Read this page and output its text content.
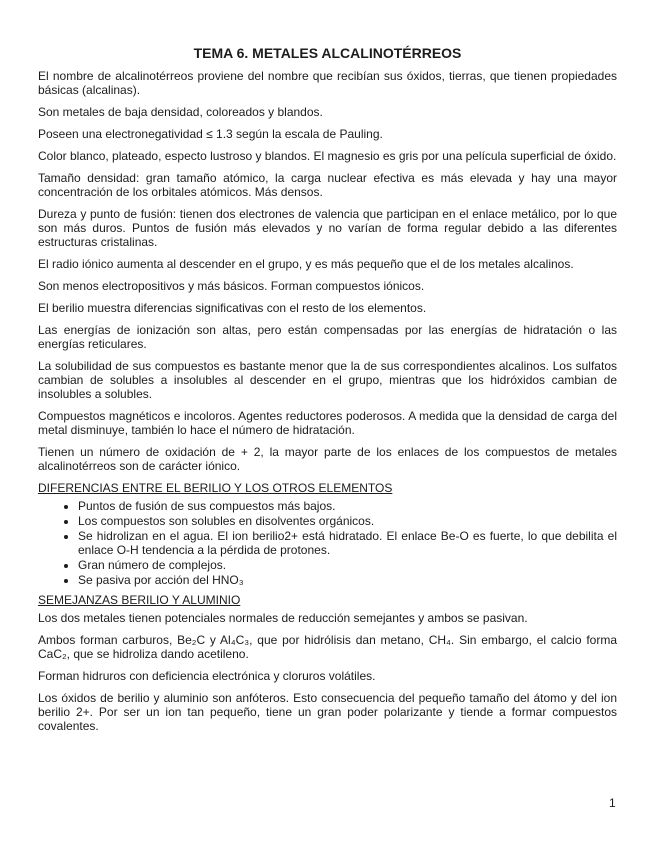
TEMA 6. METALES ALCALINOTÉRREOS

El nombre de alcalinotérreos proviene del nombre que recibían sus óxidos, tierras, que tienen propiedades básicas (alcalinas).

Son metales de baja densidad, coloreados y blandos.

Poseen una electronegatividad ≤ 1.3 según la escala de Pauling.

Color blanco, plateado, especto lustroso y blandos. El magnesio es gris por una película superficial de óxido.

Tamaño densidad: gran tamaño atómico, la carga nuclear efectiva es más elevada y hay una mayor concentración de los orbitales atómicos. Más densos.

Dureza y punto de fusión: tienen dos electrones de valencia que participan en el enlace metálico, por lo que son más duros. Puntos de fusión más elevados y no varían de forma regular debido a las diferentes estructuras cristalinas.

El radio iónico aumenta al descender en el grupo, y es más pequeño que el de los metales alcalinos.

Son menos electropositivos y más básicos. Forman compuestos iónicos.

El berilio muestra diferencias significativas con el resto de los elementos.

Las energías de ionización son altas, pero están compensadas por las energías de hidratación o las energías reticulares.

La solubilidad de sus compuestos es bastante menor que la de sus correspondientes alcalinos. Los sulfatos cambian de solubles a insolubles al descender en el grupo, mientras que los hidróxidos cambian de insolubles a solubles.

Compuestos magnéticos e incoloros. Agentes reductores poderosos. A medida que la densidad de carga del metal disminuye, también lo hace el número de hidratación.

Tienen un número de oxidación de + 2, la mayor parte de los enlaces de los compuestos de metales alcalinotérreos son de carácter iónico.

DIFERENCIAS ENTRE EL BERILIO Y LOS OTROS ELEMENTOS
• Puntos de fusión de sus compuestos más bajos.
• Los compuestos son solubles en disolventes orgánicos.
• Se hidrolizan en el agua. El ion berilio2+ está hidratado. El enlace Be-O es fuerte, lo que debilita el enlace O-H tendencia a la pérdida de protones.
• Gran número de complejos.
• Se pasiva por acción del HNO₃
SEMEJANZAS BERILIO Y ALUMINIO

Los dos metales tienen potenciales normales de reducción semejantes y ambos se pasivan.

Ambos forman carburos, Be₂C y Al₄C₃, que por hidrólisis dan metano, CH₄. Sin embargo, el calcio forma CaC₂, que se hidroliza dando acetileno.

Forman hidruros con deficiencia electrónica y cloruros volátiles.

Los óxidos de berilio y aluminio son anfóteros. Esto consecuencia del pequeño tamaño del átomo y del ion berilio 2+. Por ser un ion tan pequeño, tiene un gran poder polarizante y tiende a formar compuestos covalentes.

1
